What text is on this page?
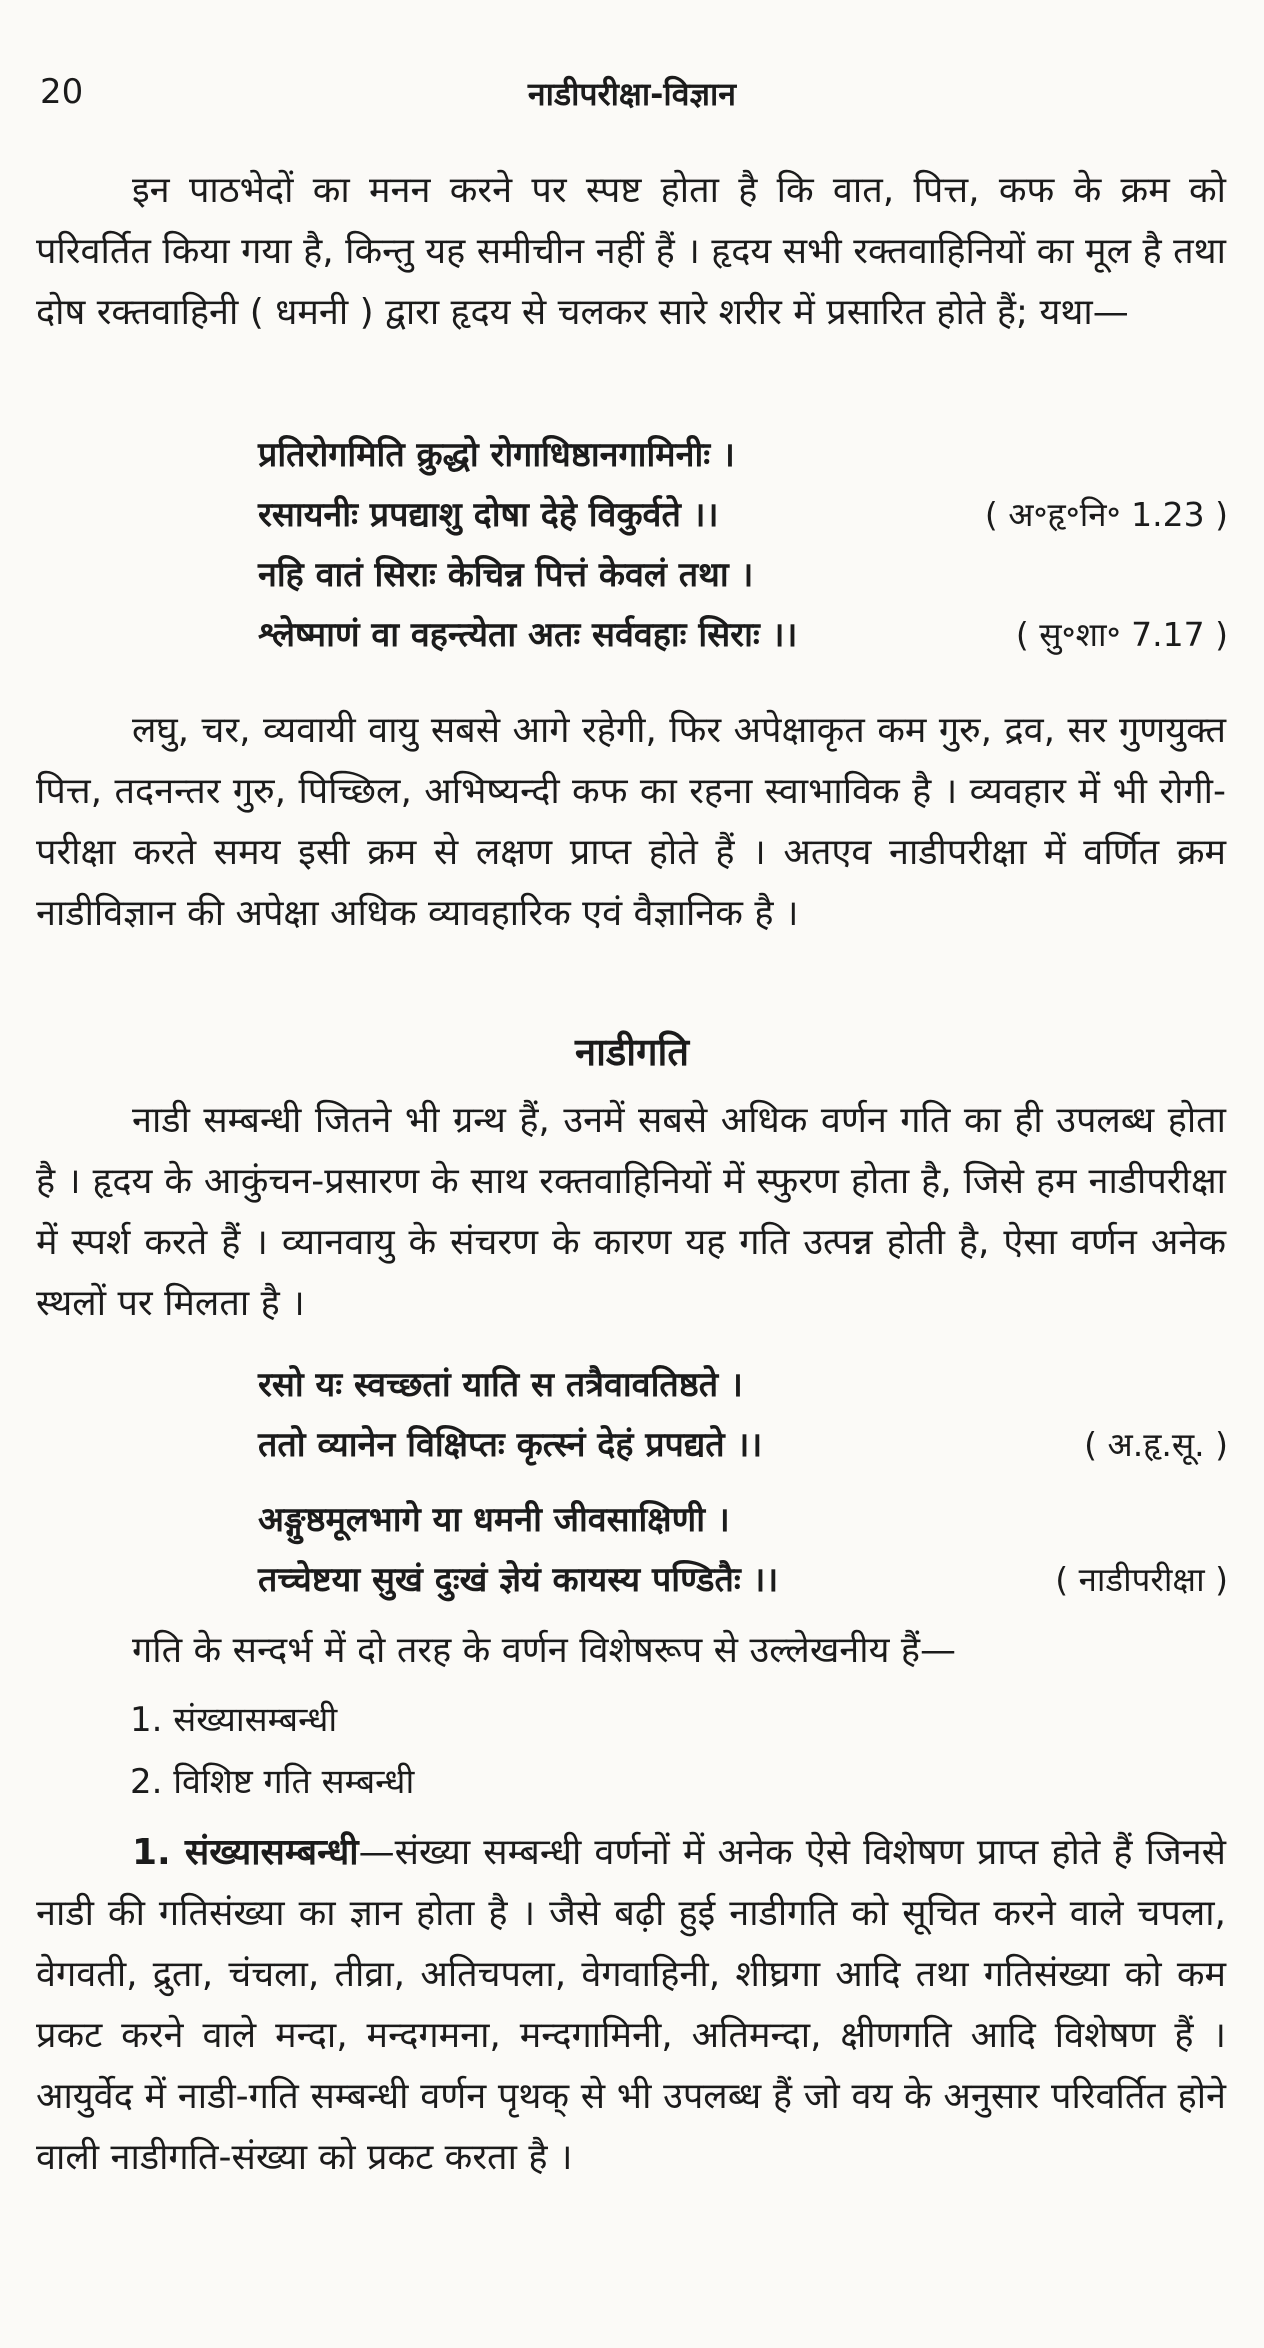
20	नाडीपरीक्षा-विज्ञान
इन पाठभेदों का मनन करने पर स्पष्ट होता है कि वात, पित्त, कफ के क्रम को परिवर्तित किया गया है, किन्तु यह समीचीन नहीं हैं । हृदय सभी रक्तवाहिनियों का मूल है तथा दोष रक्तवाहिनी ( धमनी ) द्वारा हृदय से चलकर सारे शरीर में प्रसारित होते हैं; यथा—
प्रतिरोगमिति क्रुद्धो रोगाधिष्ठानगामिनीः ।
रसायनीः प्रपद्याशु दोषा देहे विकुर्वते ।।	( अ॰हृ॰नि॰ 1.23 )
नहि वातं सिराः केचिन्न पित्तं केवलं तथा ।
श्लेष्माणं वा वहन्त्येता अतः सर्ववहाः सिराः ।।	( सु॰शा॰ 7.17 )
लघु, चर, व्यवायी वायु सबसे आगे रहेगी, फिर अपेक्षाकृत कम गुरु, द्रव, सर गुणयुक्त पित्त, तदनन्तर गुरु, पिच्छिल, अभिष्यन्दी कफ का रहना स्वाभाविक है । व्यवहार में भी रोगी-परीक्षा करते समय इसी क्रम से लक्षण प्राप्त होते हैं । अतएव नाडीपरीक्षा में वर्णित क्रम नाडीविज्ञान की अपेक्षा अधिक व्यावहारिक एवं वैज्ञानिक है ।
नाडीगति
नाडी सम्बन्धी जितने भी ग्रन्थ हैं, उनमें सबसे अधिक वर्णन गति का ही उपलब्ध होता है । हृदय के आकुंचन-प्रसारण के साथ रक्तवाहिनियों में स्फुरण होता है, जिसे हम नाडीपरीक्षा में स्पर्श करते हैं । व्यानवायु के संचरण के कारण यह गति उत्पन्न होती है, ऐसा वर्णन अनेक स्थलों पर मिलता है ।
रसो यः स्वच्छतां याति स तत्रैवावतिष्ठते ।
ततो व्यानेन विक्षिप्तः कृत्स्नं देहं प्रपद्यते ।।	( अ.हृ.सू. )
अङ्गुष्ठमूलभागे या धमनी जीवसाक्षिणी ।
तच्चेष्टया सुखं दुःखं ज्ञेयं कायस्य पण्डितैः ।।	( नाडीपरीक्षा )
गति के सन्दर्भ में दो तरह के वर्णन विशेषरूप से उल्लेखनीय हैं—
1. संख्यासम्बन्धी
2. विशिष्ट गति सम्बन्धी
1. संख्यासम्बन्धी—संख्या सम्बन्धी वर्णनों में अनेक ऐसे विशेषण प्राप्त होते हैं जिनसे नाडी की गतिसंख्या का ज्ञान होता है । जैसे बढ़ी हुई नाडीगति को सूचित करने वाले चपला, वेगवती, द्रुता, चंचला, तीव्रा, अतिचपला, वेगवाहिनी, शीघ्रगा आदि तथा गतिसंख्या को कम प्रकट करने वाले मन्दा, मन्दगमना, मन्दगामिनी, अतिमन्दा, क्षीणगति आदि विशेषण हैं । आयुर्वेद में नाडी-गति सम्बन्धी वर्णन पृथक् से भी उपलब्ध हैं जो वय के अनुसार परिवर्तित होने वाली नाडीगति-संख्या को प्रकट करता है ।
